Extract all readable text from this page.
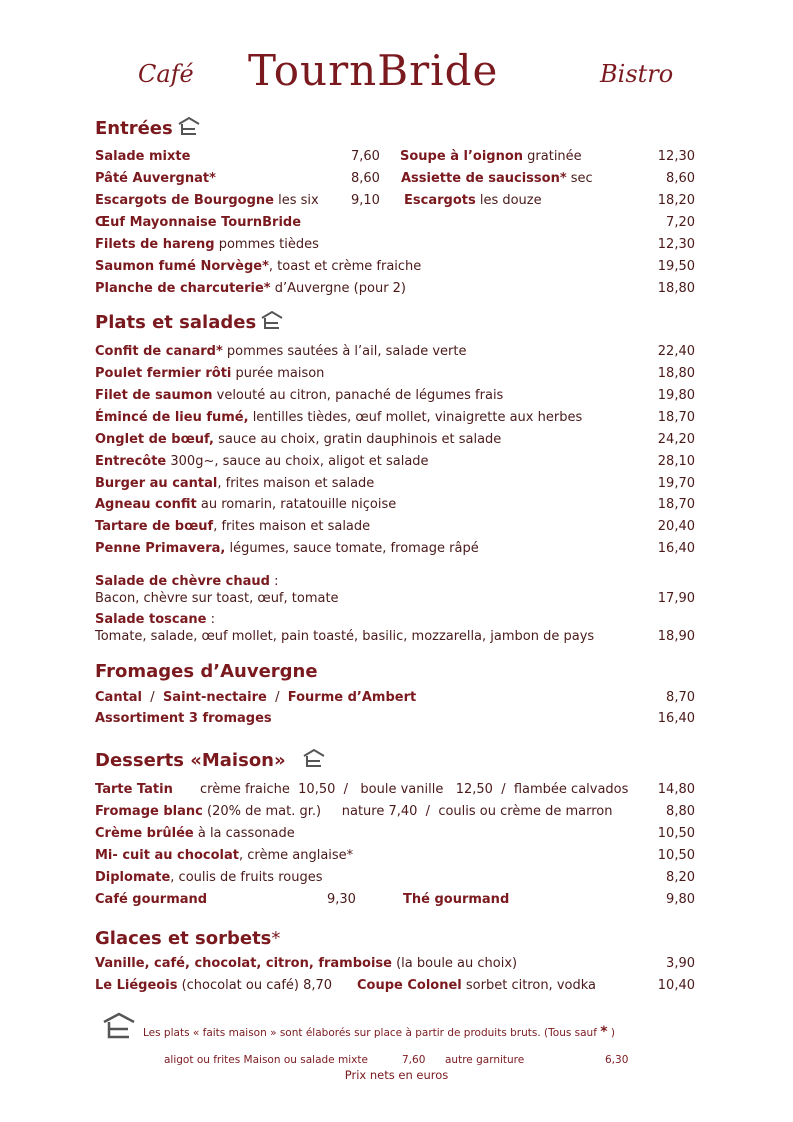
Café TournBride	Bistro
Entrées
Salade mixte	7,60 Soupe à l’oignon gratinée	12,30
Pâté Auvergnat*	8,60 Assiette de saucisson* sec	8,60
Escargots de Bourgogne les six 9,10 Escargots les douze	18,20
Œuf Mayonnaise TournBride	7,20
Filets de hareng pommes tièdes	12,30
Saumon fumé Norvège*, toast et crème fraiche	19,50
Planche de charcuterie* d’Auvergne (pour 2)	18,80
Plats et salades
Confit de canard* pommes sautées à l’ail, salade verte	22,40
Poulet fermier rôti purée maison	18,80
Filet de saumon velouté au citron, panaché de légumes frais	19,80
Émincé de lieu fumé, lentilles tièdes, œuf mollet, vinaigrette aux herbes	18,70
Onglet de bœuf, sauce au choix, gratin dauphinois et salade	24,20
Entrecôte 300g~, sauce au choix, aligot et salade	28,10
Burger au cantal, frites maison et salade	19,70
Agneau confit au romarin, ratatouille niçoise	18,70
Tartare de bœuf, frites maison et salade	20,40
Penne Primavera, légumes, sauce tomate, fromage râpé	16,40
Salade de chèvre chaud :
Bacon, chèvre sur toast, œuf, tomate	17,90
Salade toscane :
Tomate, salade, œuf mollet, pain toasté, basilic, mozzarella, jambon de pays	18,90
Fromages d’Auvergne
Cantal  /  Saint-nectaire  /  Fourme d’Ambert	8,70
Assortiment 3 fromages	16,40
Desserts «Maison»
Tarte Tatin crème fraiche  10,50  /   boule vanille   12,50  /  flambée calvados 14,80
Fromage blanc (20% de mat. gr.)     nature 7,40  /  coulis ou crème de marron	8,80
Crème brûlée à la cassonade	10,50
Mi- cuit au chocolat, crème anglaise*	10,50
Diplomate, coulis de fruits rouges	8,20
Café gourmand	9,30	Thé gourmand	9,80
Glaces et sorbets*
Vanille, café, chocolat, citron, framboise (la boule au choix)	3,90
Le Liégeois (chocolat ou café) 8,70 Coupe Colonel sorbet citron, vodka	10,40
Les plats « faits maison » sont élaborés sur place à partir de produits bruts. (Tous sauf * )
aligot ou frites Maison ou salade mixte	7,60 autre garniture	6,30
Prix nets en euros
